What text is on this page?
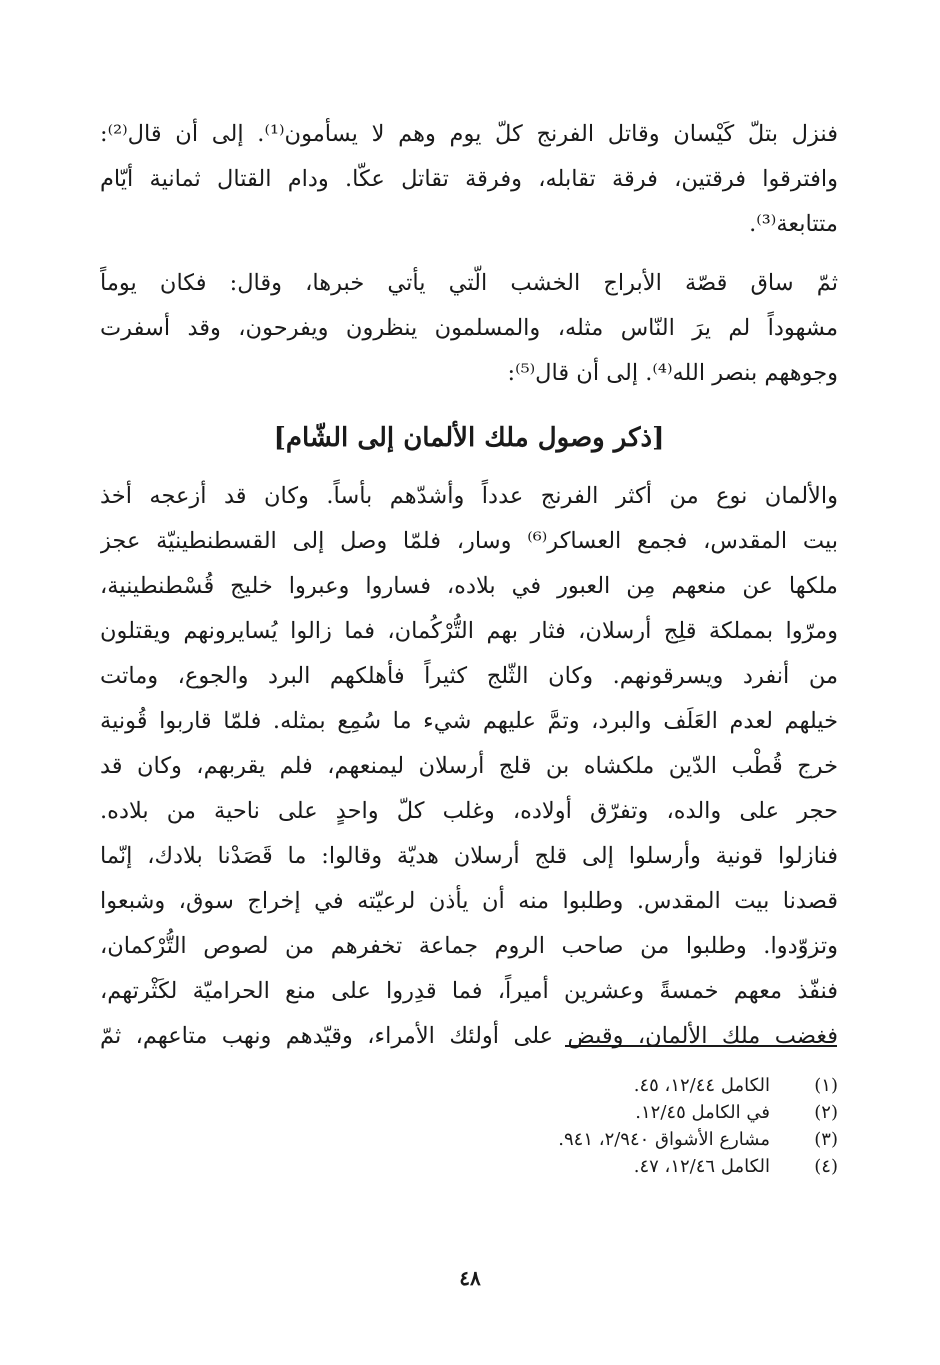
فنزل بتلّ كَيْسان وقاتل الفرنج كلّ يوم وهم لا يسأمون⁽¹⁾. إلى أن قال⁽²⁾:
وافترقوا فرقتين، فرقة تقابله، وفرقة تقاتل عكّا. ودام القتال ثمانية أيّام
متتابعة⁽³⁾.
ثمّ ساق قصّة الأبراج الخشب الّتي يأتي خبرها، وقال: فكان يوماً
مشهوداً لم يرَ النّاس مثله، والمسلمون ينظرون ويفرحون، وقد أسفرت
وجوههم بنصر الله⁽⁴⁾. إلى أن قال⁽⁵⁾:
[ذكر وصول ملك الألمان إلى الشّام]
والألمان نوع من أكثر الفرنج عدداً وأشدّهم بأساً. وكان قد أزعجه أخذ
بيت المقدس، فجمع العساكر⁽⁶⁾ وسار، فلمّا وصل إلى القسطنطينيّة عجز
ملكها عن منعهم مِن العبور في بلاده، فساروا وعبروا خليج قُسْطنطينية،
ومرّوا بمملكة قلِج أرسلان، فثار بهم التُّرْكُمان، فما زالوا يُسايرونهم ويقتلون
من أنفرد ويسرقونهم. وكان الثّلج كثيراً فأهلكهم البرد والجوع، وماتت
خيلهم لعدم العَلَف والبرد، وتمَّ عليهم شيء ما سُمِع بمثله. فلمّا قاربوا قُونية
خرج قُطْب الدّين ملكشاه بن قلج أرسلان ليمنعهم، فلم يقربهم، وكان قد
حجر على والده، وتفرّق أولاده، وغلب كلّ واحدٍ على ناحية من بلاده.
فنازلوا قونية وأرسلوا إلى قلج أرسلان هديّة وقالوا: ما قَصَدْنا بلادك، إنّما
قصدنا بيت المقدس. وطلبوا منه أن يأذن لرعيّته في إخراج سوق، وشبعوا
وتزوّدوا. وطلبوا من صاحب الروم جماعة تخفرهم من لصوص التُّرْكمان،
فنفّذ معهم خمسةً وعشرين أميراً، فما قدِروا على منع الحراميّة لكَثْرتهم،
فغضب ملك الألمان، وقبض على أولئك الأمراء، وقيّدهم ونهب متاعهم، ثمّ
(١)
الكامل ١٢/٤٤، ٤٥.
(٢)
في الكامل ١٢/٤٥.
(٣)
مشارع الأشواق ٢/٩٤٠، ٩٤١.
(٤)
الكامل ١٢/٤٦، ٤٧.
٤٨
